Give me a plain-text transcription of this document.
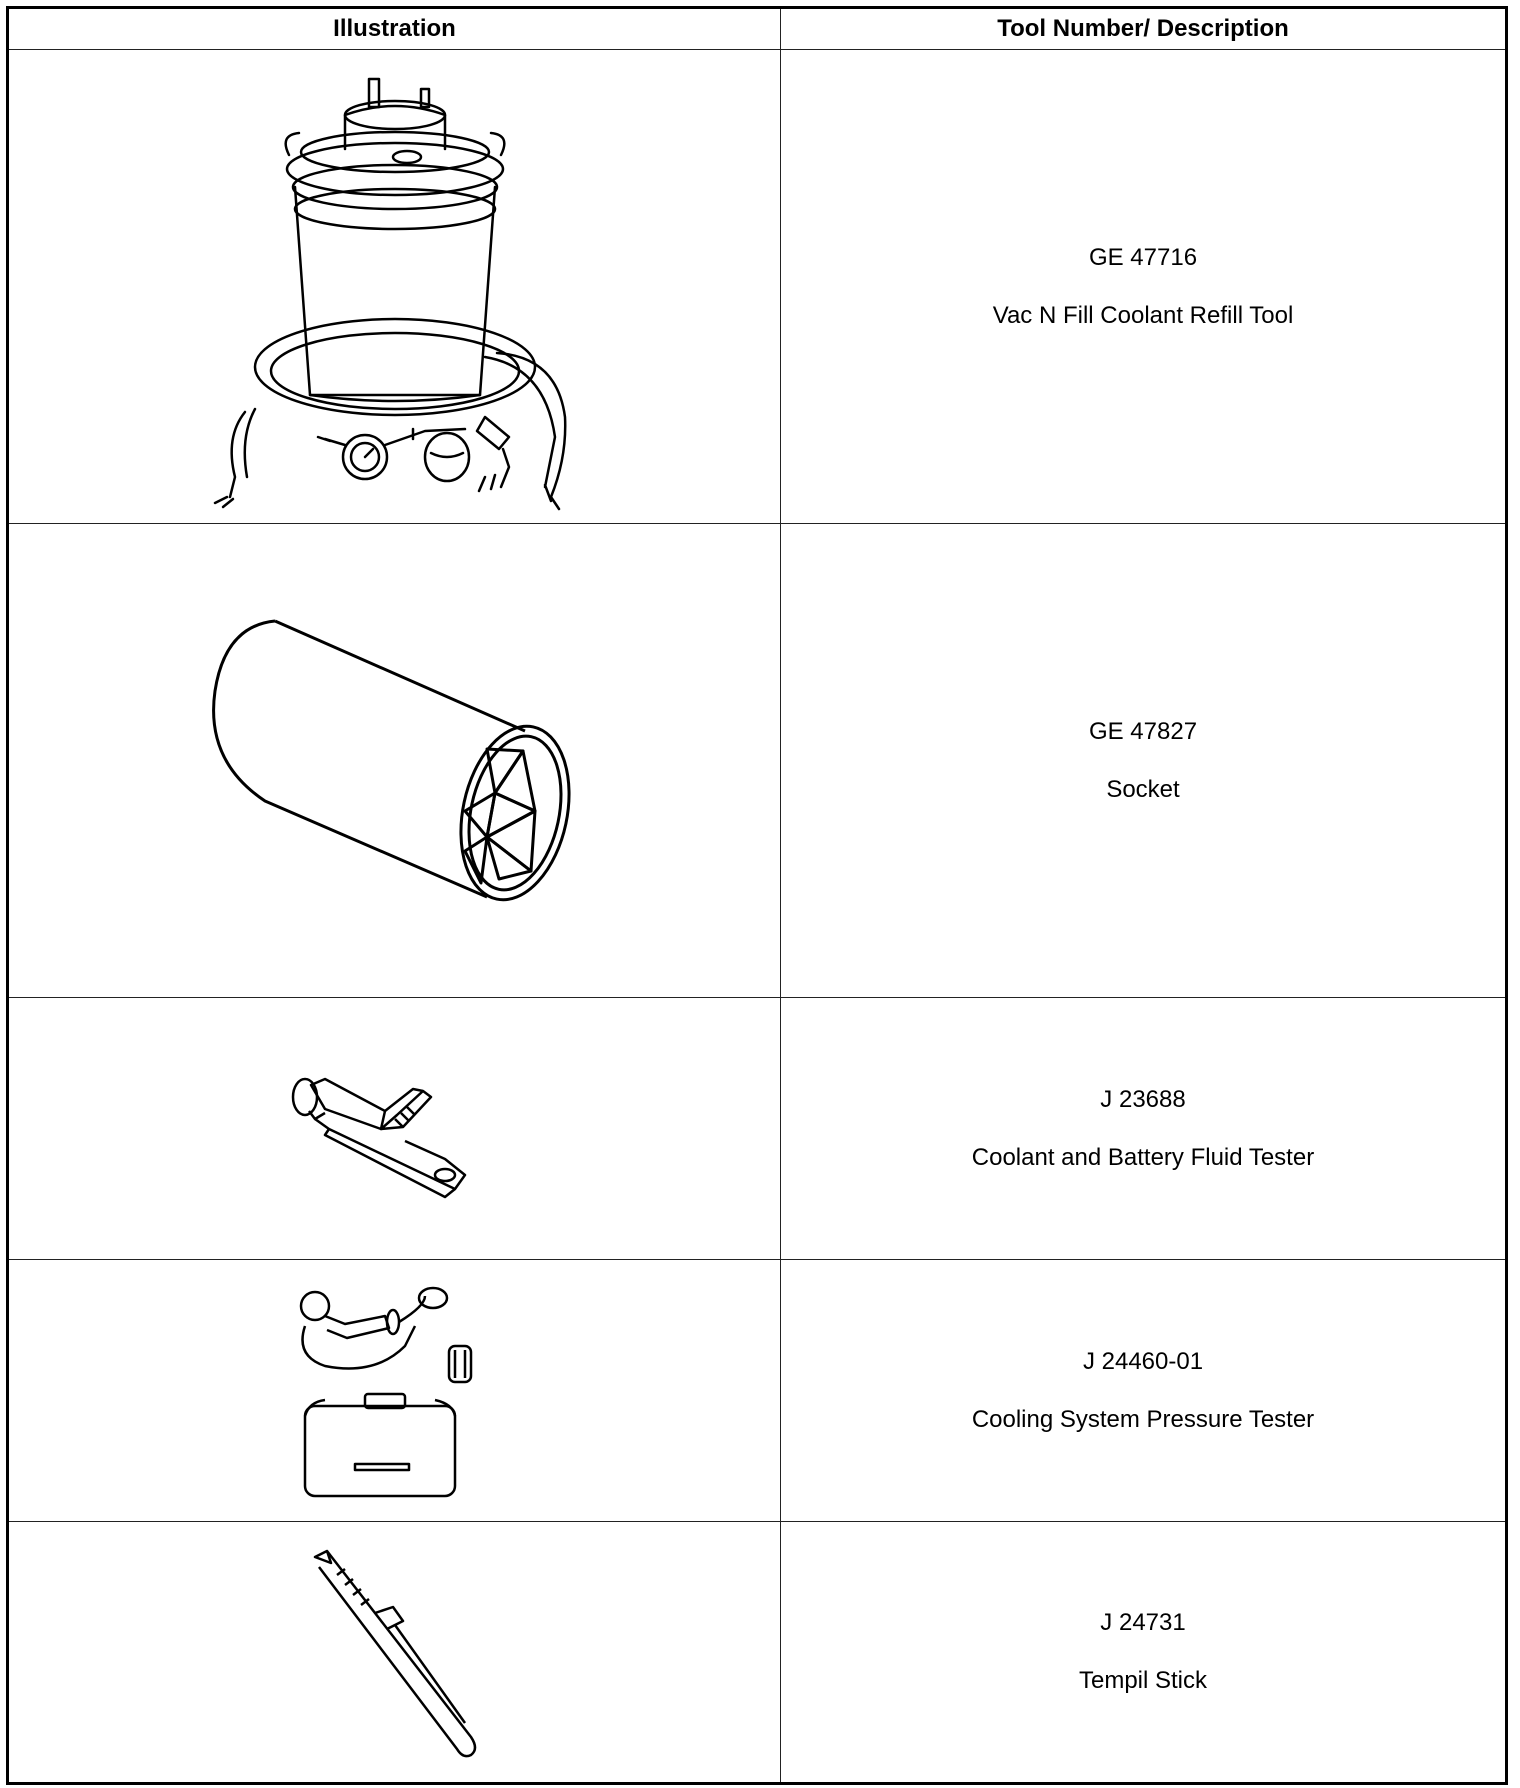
Illustration	Tool Number/ Description

GE 47716
Vac N Fill Coolant Refill Tool

GE 47827
Socket

J 23688
Coolant and Battery Fluid Tester

J 24460-01
Cooling System Pressure Tester

J 24731
Tempil Stick
